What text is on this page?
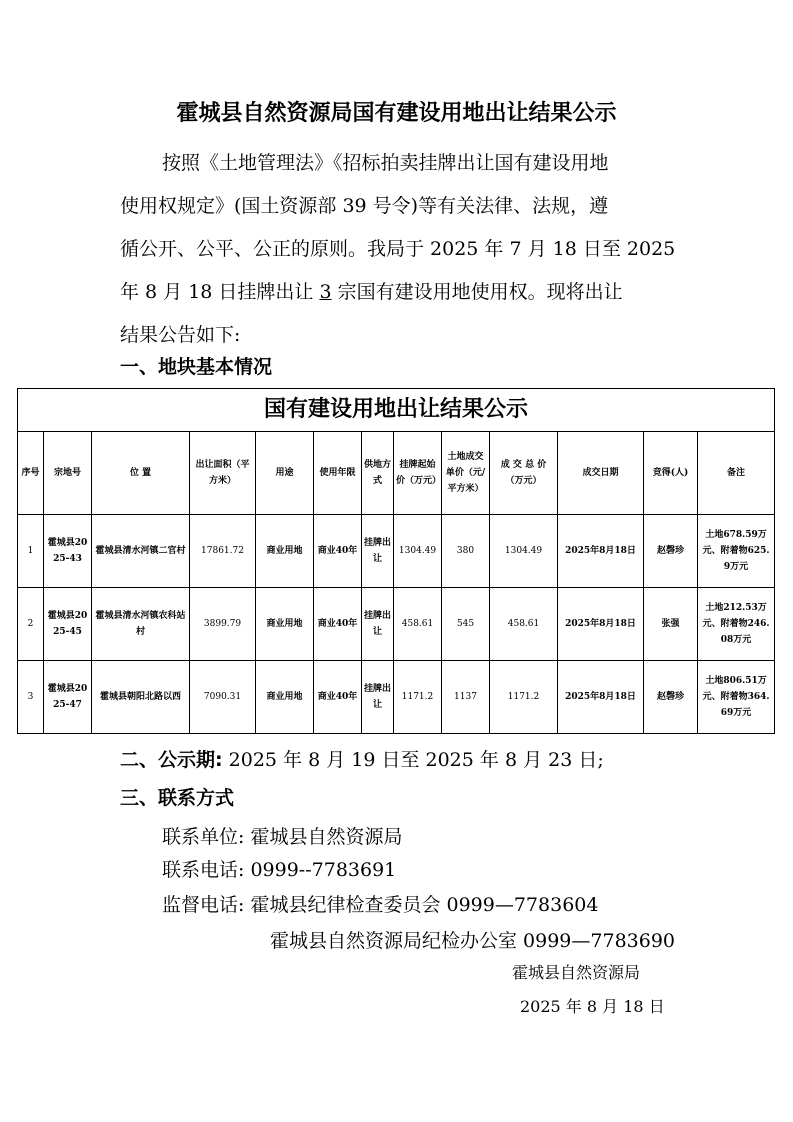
霍城县自然资源局国有建设用地出让结果公示

按照《土地管理法》《招标拍卖挂牌出让国有建设用地

使用权规定》(国土资源部 39 号令)等有关法律、法规，遵

循公开、公平、公正的原则。我局于 2025 年 7 月 18 日至 2025

年 8 月 18 日挂牌出让 3 宗国有建设用地使用权。现将出让

结果公告如下:

一、地块基本情况
国有建设用地出让结果公示												
序号	宗地号	位 置	出让面积（平方米）	用途	使用年限	供地方式	挂牌起始价（万元）	土地成交单价（元/平方米）	成 交 总 价（万元）	成交日期	竞得(人)	备注
1	霍城县2025-43	霍城县清水河镇二官村	17861.72	商业用地	商业40年	挂牌出让	1304.49	380	1304.49	2025年8月18日	赵磬珍	土地678.59万元、附着物625.9万元
2	霍城县2025-45	霍城县清水河镇农科站村	3899.79	商业用地	商业40年	挂牌出让	458.61	545	458.61	2025年8月18日	张强	土地212.53万元、附着物246.08万元
3	霍城县2025-47	霍城县朝阳北路以西	7090.31	商业用地	商业40年	挂牌出让	1171.2	1137	1171.2	2025年8月18日	赵磬珍	土地806.51万元、附着物364.69万元
二、公示期: 2025 年 8 月 19 日至 2025 年 8 月 23 日;
三、联系方式
联系单位: 霍城县自然资源局
联系电话: 0999--7783691
监督电话: 霍城县纪律检查委员会 0999—7783604
霍城县自然资源局纪检办公室 0999—7783690
霍城县自然资源局
2025 年 8 月 18 日
